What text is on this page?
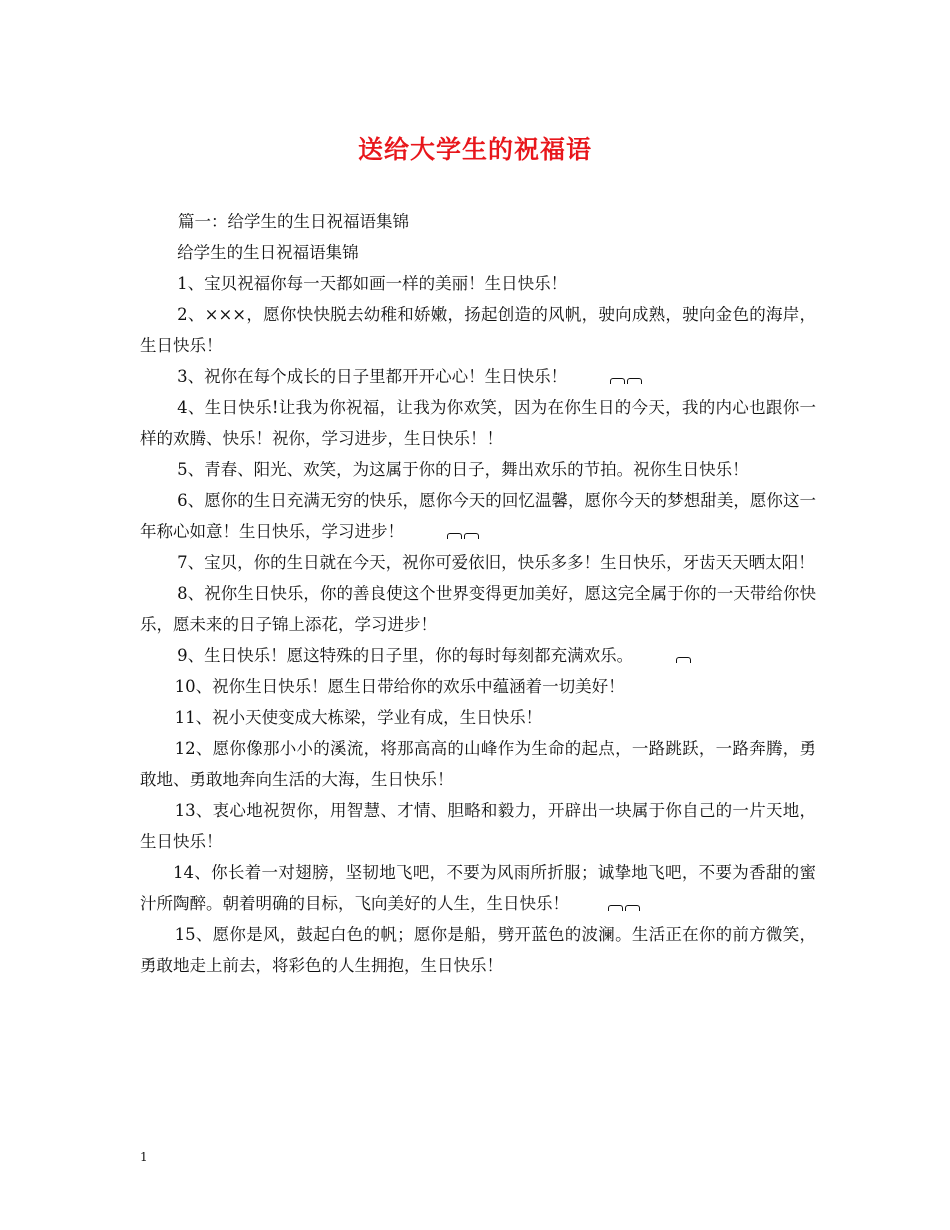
送给大学生的祝福语

篇一：给学生的生日祝福语集锦

给学生的生日祝福语集锦

1、宝贝祝福你每一天都如画一样的美丽！生日快乐！

2、×××，愿你快快脱去幼稚和娇嫩，扬起创造的风帆，驶向成熟，驶向金色的海岸，生日快乐！

3、祝你在每个成长的日子里都开开心心！生日快乐！

4、生日快乐!让我为你祝福，让我为你欢笑，因为在你生日的今天，我的内心也跟你一样的欢腾、快乐！祝你，学习进步，生日快乐！！

5、青春、阳光、欢笑，为这属于你的日子，舞出欢乐的节拍。祝你生日快乐！

6、愿你的生日充满无穷的快乐，愿你今天的回忆温馨，愿你今天的梦想甜美，愿你这一年称心如意！生日快乐，学习进步！

7、宝贝，你的生日就在今天，祝你可爱依旧，快乐多多！生日快乐，牙齿天天晒太阳！

8、祝你生日快乐，你的善良使这个世界变得更加美好，愿这完全属于你的一天带给你快乐，愿未来的日子锦上添花，学习进步！

9、生日快乐！愿这特殊的日子里，你的每时每刻都充满欢乐。

10、祝你生日快乐！愿生日带给你的欢乐中蕴涵着一切美好！

11、祝小天使变成大栋梁，学业有成，生日快乐！

12、愿你像那小小的溪流，将那高高的山峰作为生命的起点，一路跳跃，一路奔腾，勇敢地、勇敢地奔向生活的大海，生日快乐！

13、衷心地祝贺你，用智慧、才情、胆略和毅力，开辟出一块属于你自己的一片天地，生日快乐！

14、你长着一对翅膀，坚韧地飞吧，不要为风雨所折服；诚挚地飞吧，不要为香甜的蜜汁所陶醉。朝着明确的目标，飞向美好的人生，生日快乐！

15、愿你是风，鼓起白色的帆；愿你是船，劈开蓝色的波澜。生活正在你的前方微笑，勇敢地走上前去，将彩色的人生拥抱，生日快乐！

1
